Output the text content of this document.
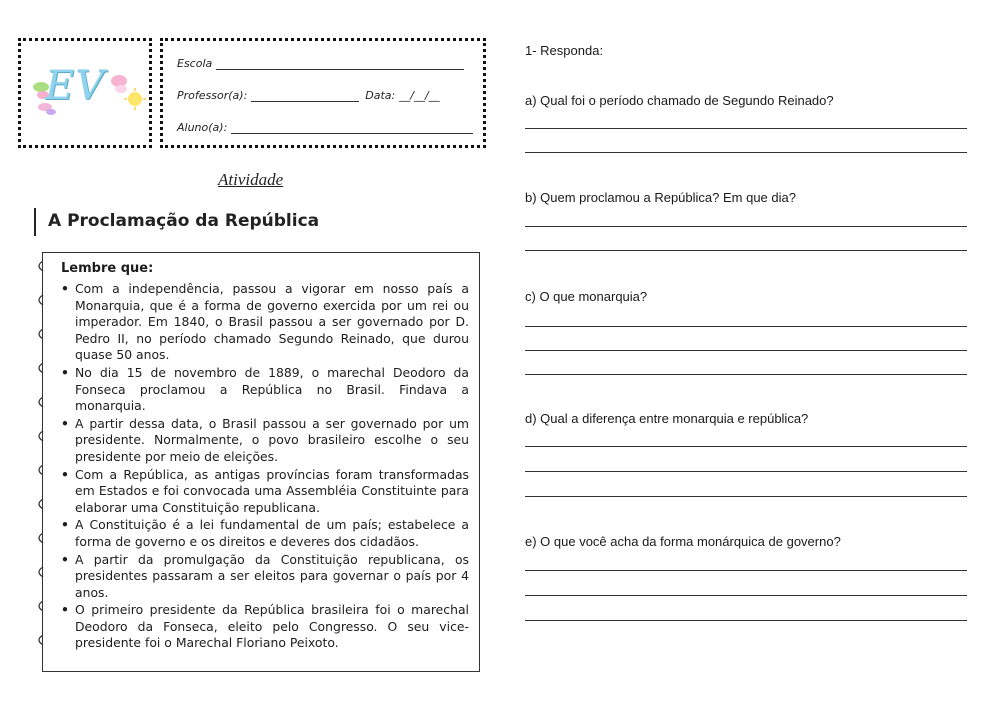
EV	Escola
Professor(a):	Data: __/__/__
Aluno(a):
Atividade
A Proclamação da República
Lembre que:
• Com a independência, passou a vigorar em nosso país a Monarquia, que é a forma de governo exercida por um rei ou imperador. Em 1840, o Brasil passou a ser governado por D. Pedro II, no período chamado Segundo Reinado, que durou quase 50 anos.
• No dia 15 de novembro de 1889, o marechal Deodoro da Fonseca proclamou a República no Brasil. Findava a monarquia.
• A partir dessa data, o Brasil passou a ser governado por um presidente. Normalmente, o povo brasileiro escolhe o seu presidente por meio de eleições.
• Com a República, as antigas províncias foram transformadas em Estados e foi convocada uma Assembléia Constituinte para elaborar uma Constituição republicana.
• A Constituição é a lei fundamental de um país; estabelece a forma de governo e os direitos e deveres dos cidadãos.
• A partir da promulgação da Constituição republicana, os presidentes passaram a ser eleitos para governar o país por 4 anos.
• O primeiro presidente da República brasileira foi o marechal Deodoro da Fonseca, eleito pelo Congresso. O seu vice-presidente foi o Marechal Floriano Peixoto.
1- Responda:
a) Qual foi o período chamado de Segundo Reinado?
b) Quem proclamou a República? Em que dia?
c) O que monarquia?
d) Qual a diferença entre monarquia e república?
e) O que você acha da forma monárquica de governo?
